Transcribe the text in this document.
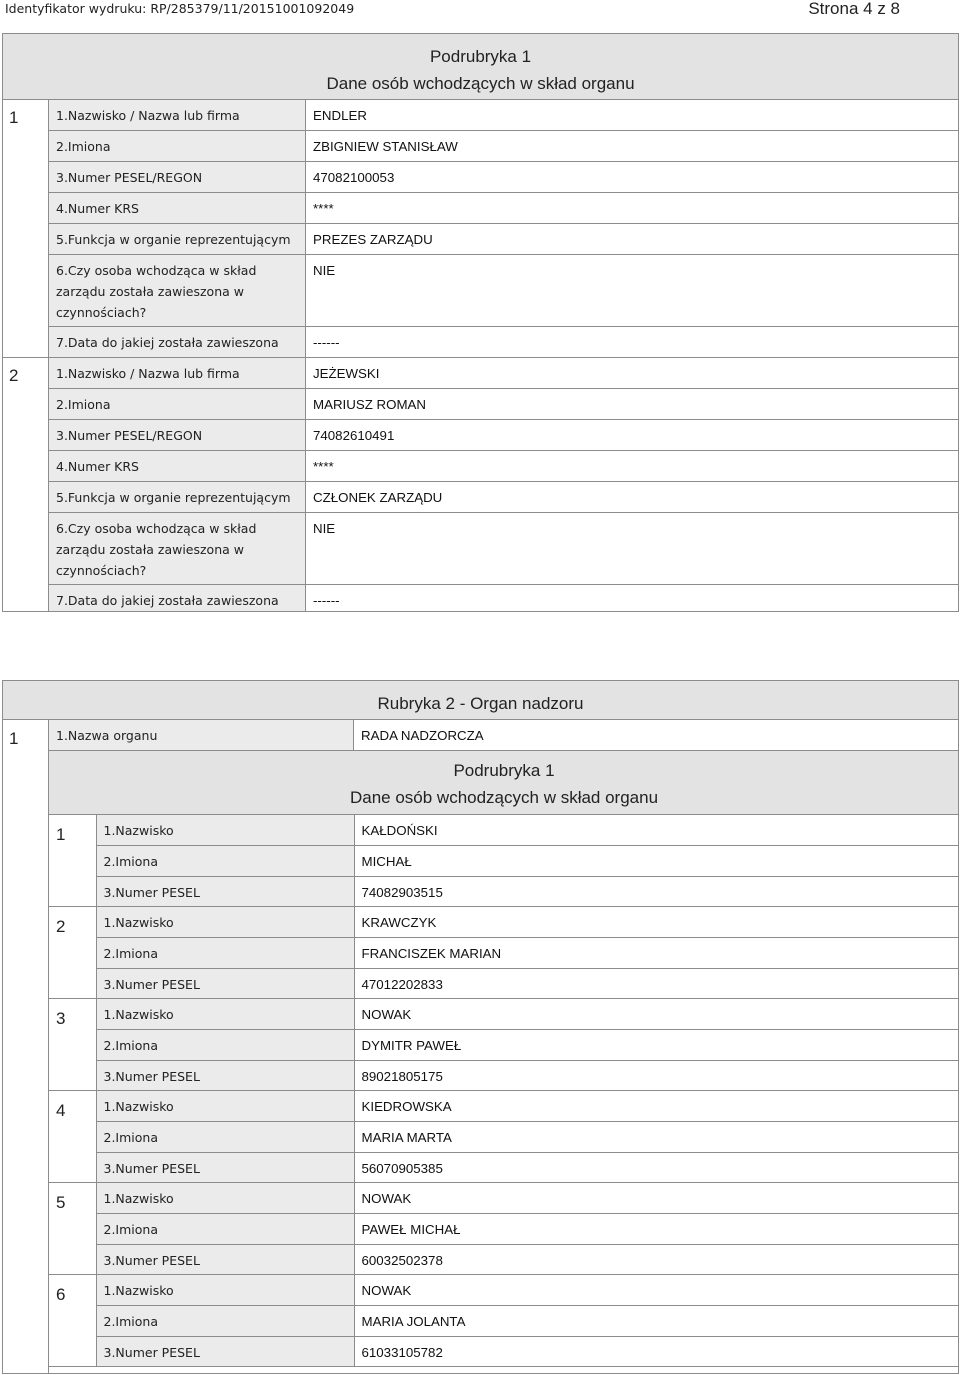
Identyfikator wydruku: RP/285379/11/20151001092049	Strona 4 z 8
Podrubryka 1
Dane osób wchodzących w skład organu		

1	1.Nazwisko / Nazwa lub firma	ENDLER
	2.Imiona	ZBIGNIEW STANISŁAW
	3.Numer PESEL/REGON	47082100053
	4.Numer KRS	****
	5.Funkcja w organie reprezentującym	PREZES ZARZĄDU
	6.Czy osoba wchodząca w skład zarządu została zawieszona w czynnościach?	NIE
	7.Data do jakiej została zawieszona	------
2	1.Nazwisko / Nazwa lub firma	JEŻEWSKI
	2.Imiona	MARIUSZ ROMAN
	3.Numer PESEL/REGON	74082610491
	4.Numer KRS	****
	5.Funkcja w organie reprezentującym	CZŁONEK ZARZĄDU
	6.Czy osoba wchodząca w skład zarządu została zawieszona w czynnościach?	NIE
	7.Data do jakiej została zawieszona	------
Rubryka 2 - Organ nadzoru
1	1.Nazwa organu	RADA NADZORCZA

Podrubryka 1
Dane osób wchodzących w skład organu

1	1.Nazwisko	KAŁDOŃSKI
2.Imiona	MICHAŁ
3.Numer PESEL	74082903515
2	1.Nazwisko	KRAWCZYK
2.Imiona	FRANCISZEK MARIAN
3.Numer PESEL	47012202833
3	1.Nazwisko	NOWAK
2.Imiona	DYMITR PAWEŁ
3.Numer PESEL	89021805175
4	1.Nazwisko	KIEDROWSKA
2.Imiona	MARIA MARTA
3.Numer PESEL	56070905385
5	1.Nazwisko	NOWAK
2.Imiona	PAWEŁ MICHAŁ
3.Numer PESEL	60032502378
6	1.Nazwisko	NOWAK
2.Imiona	MARIA JOLANTA
3.Numer PESEL	61033105782
